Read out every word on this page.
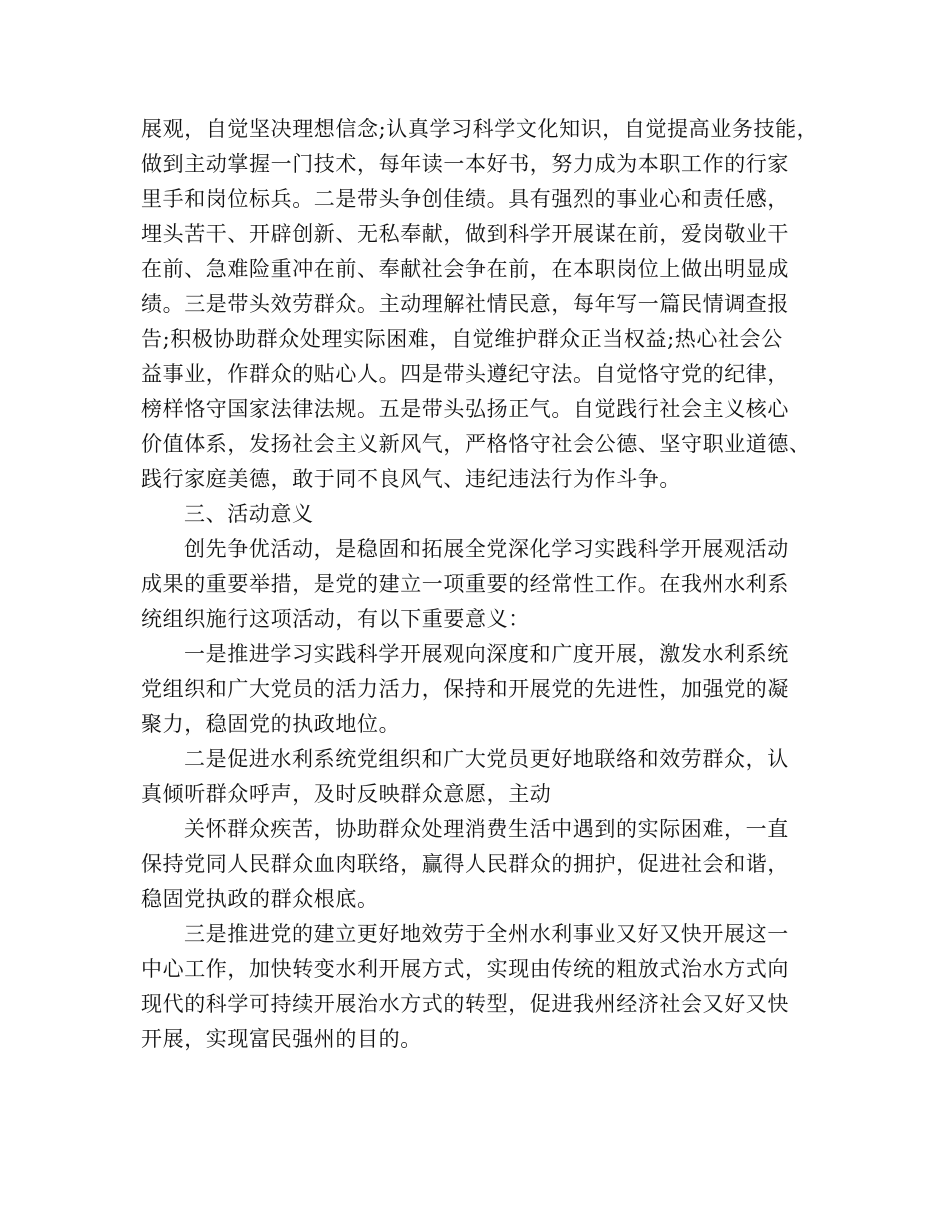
展观，自觉坚决理想信念;认真学习科学文化知识，自觉提高业务技能，
做到主动掌握一门技术，每年读一本好书，努力成为本职工作的行家
里手和岗位标兵。二是带头争创佳绩。具有强烈的事业心和责任感，
埋头苦干、开辟创新、无私奉献，做到科学开展谋在前，爱岗敬业干
在前、急难险重冲在前、奉献社会争在前，在本职岗位上做出明显成
绩。三是带头效劳群众。主动理解社情民意，每年写一篇民情调查报
告;积极协助群众处理实际困难，自觉维护群众正当权益;热心社会公
益事业，作群众的贴心人。四是带头遵纪守法。自觉恪守党的纪律，
榜样恪守国家法律法规。五是带头弘扬正气。自觉践行社会主义核心
价值体系，发扬社会主义新风气，严格恪守社会公德、坚守职业道德、
践行家庭美德，敢于同不良风气、违纪违法行为作斗争。
三、活动意义
创先争优活动，是稳固和拓展全党深化学习实践科学开展观活动
成果的重要举措，是党的建立一项重要的经常性工作。在我州水利系
统组织施行这项活动，有以下重要意义：
一是推进学习实践科学开展观向深度和广度开展，激发水利系统
党组织和广大党员的活力活力，保持和开展党的先进性，加强党的凝
聚力，稳固党的执政地位。
二是促进水利系统党组织和广大党员更好地联络和效劳群众，认
真倾听群众呼声，及时反映群众意愿，主动
关怀群众疾苦，协助群众处理消费生活中遇到的实际困难，一直
保持党同人民群众血肉联络，赢得人民群众的拥护，促进社会和谐，
稳固党执政的群众根底。
三是推进党的建立更好地效劳于全州水利事业又好又快开展这一
中心工作，加快转变水利开展方式，实现由传统的粗放式治水方式向
现代的科学可持续开展治水方式的转型，促进我州经济社会又好又快
开展，实现富民强州的目的。
